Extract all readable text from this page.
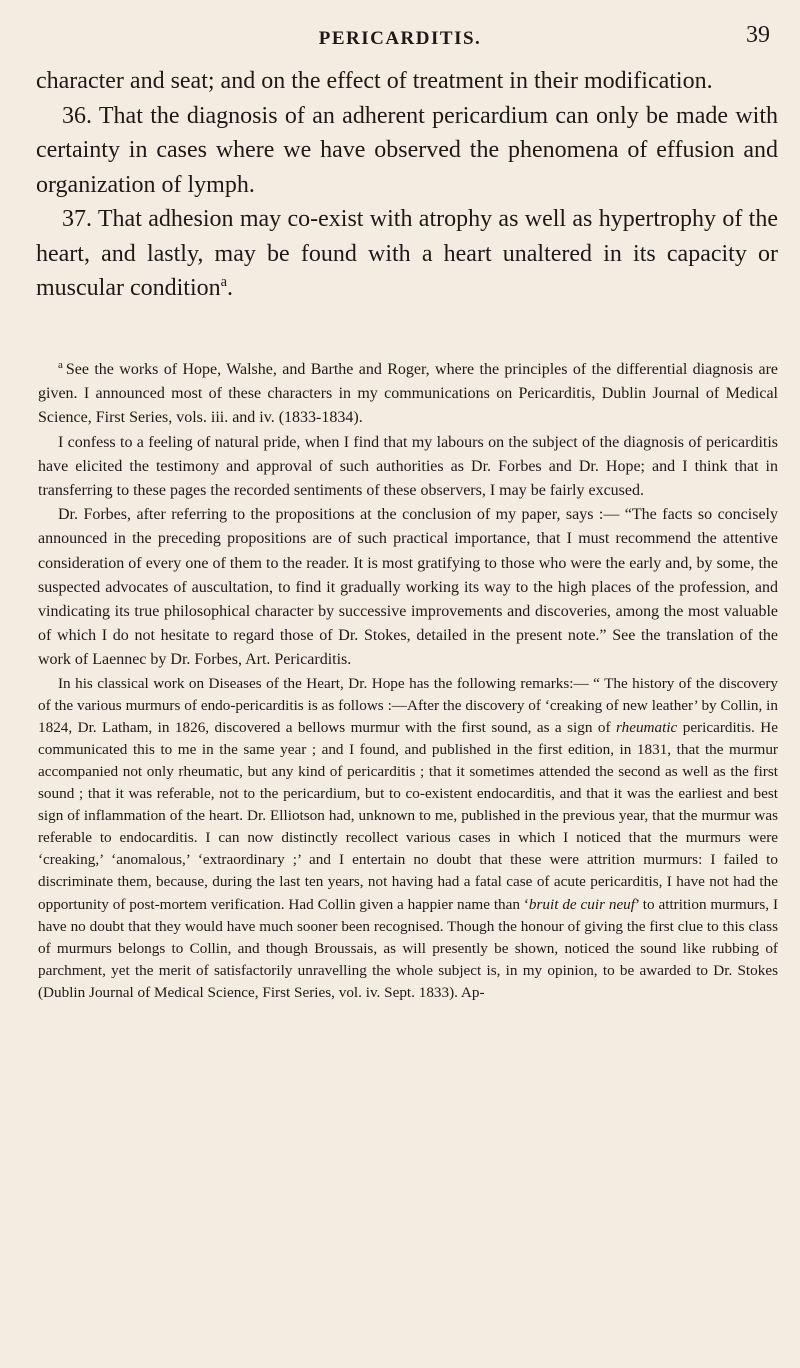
PERICARDITIS.	39

character and seat; and on the effect of treatment in their modification.

36. That the diagnosis of an adherent pericardium can only be made with certainty in cases where we have observed the phenomena of effusion and organization of lymph.

37. That adhesion may co-exist with atrophy as well as hypertrophy of the heart, and lastly, may be found with a heart unaltered in its capacity or muscular condition$^a$.

$^a$ See the works of Hope, Walshe, and Barthe and Roger, where the principles of the differential diagnosis are given. I announced most of these characters in my communications on Pericarditis, Dublin Journal of Medical Science, First Series, vols. iii. and iv. (1833-1834).

I confess to a feeling of natural pride, when I find that my labours on the subject of the diagnosis of pericarditis have elicited the testimony and approval of such authorities as Dr. Forbes and Dr. Hope; and I think that in transferring to these pages the recorded sentiments of these observers, I may be fairly excused.

Dr. Forbes, after referring to the propositions at the conclusion of my paper, says :— “The facts so concisely announced in the preceding propositions are of such practical importance, that I must recommend the attentive consideration of every one of them to the reader. It is most gratifying to those who were the early and, by some, the suspected advocates of auscultation, to find it gradually working its way to the high places of the profession, and vindicating its true philosophical character by successive improvements and discoveries, among the most valuable of which I do not hesitate to regard those of Dr. Stokes, detailed in the present note.” See the translation of the work of Laennec by Dr. Forbes, Art. Pericarditis.

In his classical work on Diseases of the Heart, Dr. Hope has the following remarks:— “ The history of the discovery of the various murmurs of endo-pericarditis is as follows :—After the discovery of ‘creaking of new leather’ by Collin, in 1824, Dr. Latham, in 1826, discovered a bellows murmur with the first sound, as a sign of rheumatic pericarditis. He communicated this to me in the same year ; and I found, and published in the first edition, in 1831, that the murmur accompanied not only rheumatic, but any kind of pericarditis ; that it sometimes attended the second as well as the first sound ; that it was referable, not to the pericardium, but to co-existent endocarditis, and that it was the earliest and best sign of inflammation of the heart. Dr. Elliotson had, unknown to me, published in the previous year, that the murmur was referable to endocarditis. I can now distinctly recollect various cases in which I noticed that the murmurs were ‘creaking,’ ‘anomalous,’ ‘extraordinary ;’ and I entertain no doubt that these were attrition murmurs: I failed to discriminate them, because, during the last ten years, not having had a fatal case of acute pericarditis, I have not had the opportunity of post-mortem verification. Had Collin given a happier name than ‘bruit de cuir neuf’ to attrition murmurs, I have no doubt that they would have much sooner been recognised. Though the honour of giving the first clue to this class of murmurs belongs to Collin, and though Broussais, as will presently be shown, noticed the sound like rubbing of parchment, yet the merit of satisfactorily unravelling the whole subject is, in my opinion, to be awarded to Dr. Stokes (Dublin Journal of Medical Science, First Series, vol. iv. Sept. 1833). Ap-
